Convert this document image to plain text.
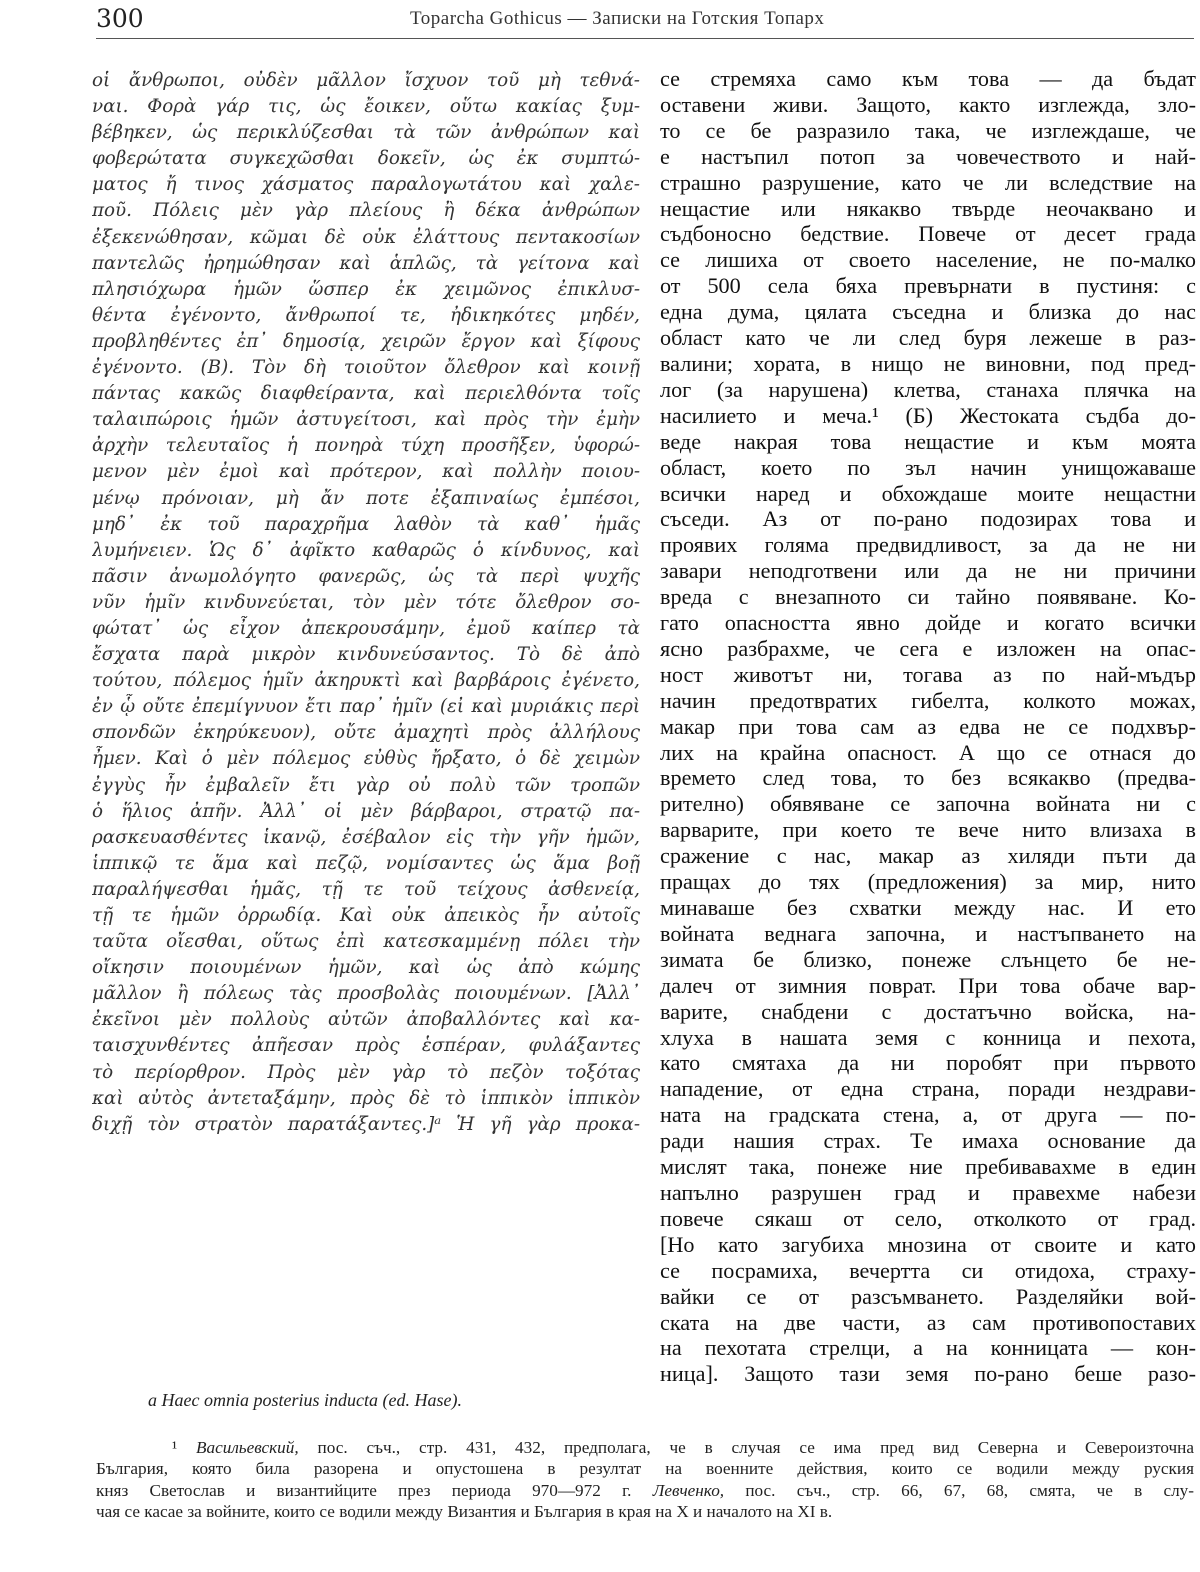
300	Toparcha Gothicus — Записки на Готския Топарх
οἱ ἄνθρωποι, οὐδὲν μᾶλλον ἴσχυον τοῦ μὴ τεθνά-
ναι. Φορὰ γάρ τις, ὡς ἔοικεν, οὕτω κακίας ξυμ-
βέβηκεν, ὡς περικλύζεσθαι τὰ τῶν ἀνθρώπων καὶ
φοβερώτατα συγκεχῶσθαι δοκεῖν, ὡς ἐκ συμπτώ-
ματος ἤ τινος χάσματος παραλογωτάτου καὶ χαλε-
ποῦ. Πόλεις μὲν γὰρ πλείους ἢ δέκα ἀνθρώπων
ἐξεκενώθησαν, κῶμαι δὲ οὐκ ἐλάττους πεντακοσίων
παντελῶς ἠρημώθησαν καὶ ἁπλῶς, τὰ γείτονα καὶ
πλησιόχωρα ἡμῶν ὥσπερ ἐκ χειμῶνος ἐπικλυσ-
θέντα ἐγένοντο, ἄνθρωποί τε, ἠδικηκότες μηδέν,
προβληθέντες ἐπ᾽ δημοσίᾳ, χειρῶν ἔργον καὶ ξίφους
ἐγένοντο. (B). Τὸν δὴ τοιοῦτον ὄλεθρον καὶ κοινῇ
πάντας κακῶς διαφθείραντα, καὶ περιελθόντα τοῖς
ταλαιπώροις ἡμῶν ἀστυγείτοσι, καὶ πρὸς τὴν ἐμὴν
ἀρχὴν τελευταῖος ἡ πονηρὰ τύχη προσῆξεν, ὑφορώ-
μενον μὲν ἐμοὶ καὶ πρότερον, καὶ πολλὴν ποιου-
μένῳ πρόνοιαν, μὴ ἄν ποτε ἐξαπιναίως ἐμπέσοι,
μηδ᾽ ἐκ τοῦ παραχρῆμα λαθὸν τὰ καθ᾽ ἡμᾶς
λυμήνειεν. Ὡς δ᾽ ἀφῖκτο καθαρῶς ὁ κίνδυνος, καὶ
πᾶσιν ἀνωμολόγητο φανερῶς, ὡς τὰ περὶ ψυχῆς
νῦν ἡμῖν κινδυνεύεται, τὸν μὲν τότε ὄλεθρον σο-
φώτατ᾽ ὡς εἶχον ἀπεκρουσάμην, ἐμοῦ καίπερ τὰ
ἔσχατα παρὰ μικρὸν κινδυνεύσαντος. Τὸ δὲ ἀπὸ
τούτου, πόλεμος ἡμῖν ἀκηρυκτὶ καὶ βαρβάροις ἐγένετο,
ἐν ᾧ οὔτε ἐπεμίγνυον ἔτι παρ᾽ ἡμῖν (εἰ καὶ μυριάκις περὶ
σπονδῶν ἐκηρύκευον), οὔτε ἀμαχητὶ πρὸς ἀλλήλους
ἦμεν. Καὶ ὁ μὲν πόλεμος εὐθὺς ἤρξατο, ὁ δὲ χειμὼν
ἐγγὺς ἦν ἐμβαλεῖν ἔτι γὰρ οὐ πολὺ τῶν τροπῶν
ὁ ἥλιος ἀπῆν. Ἀλλ᾽ οἱ μὲν βάρβαροι, στρατῷ πα-
ρασκευασθέντες ἱκανῷ, ἐσέβαλον εἰς τὴν γῆν ἡμῶν,
ἱππικῷ τε ἅμα καὶ πεζῷ, νομίσαντες ὡς ἅμα βοῇ
παραλήψεσθαι ἡμᾶς, τῇ τε τοῦ τείχους ἀσθενείᾳ,
τῇ τε ἡμῶν ὀρρωδίᾳ. Καὶ οὐκ ἀπεικὸς ἦν αὐτοῖς
ταῦτα οἴεσθαι, οὕτως ἐπὶ κατεσκαμμένῃ πόλει τὴν
οἴκησιν ποιουμένων ἡμῶν, καὶ ὡς ἀπὸ κώμης
μᾶλλον ἢ πόλεως τὰς προσβολὰς ποιουμένων. [Ἀλλ᾽
ἐκεῖνοι μὲν πολλοὺς αὐτῶν ἀποβαλλόντες καὶ κα-
ταισχυνθέντες ἀπῆεσαν πρὸς ἑσπέραν, φυλάξαντες
τὸ περίορθρον. Πρὸς μὲν γὰρ τὸ πεζὸν τοξότας
καὶ αὐτὸς ἀντεταξάμην, πρὸς δὲ τὸ ἱππικὸν ἱππικὸν
διχῇ τὸν στρατὸν παρατάξαντες.]ᵃ Ἡ γῆ γὰρ προκα-
се стремяха само към това — да бъдат
оставени живи. Защото, както изглежда, зло-
то се бе разразило така, че изглеждаше, че
е настъпил потоп за човечеството и най-
страшно разрушение, като че ли вследствие на
нещастие или някакво твърде неочаквано и
съдбоносно бедствие. Повече от десет града
се лишиха от своето население, не по-малко
от 500 села бяха превърнати в пустиня: с
една дума, цялата съседна и близка до нас
област като че ли след буря лежеше в раз-
валини; хората, в нищо не виновни, под пред-
лог (за нарушена) клетва, станаха плячка на
насилието и меча.¹ (Б) Жестоката съдба до-
веде накрая това нещастие и към моята
област, което по зъл начин унищожаваше
всички наред и обхождаше моите нещастни
съседи. Аз от по-рано подозирах това и
проявих голяма предвидливост, за да не ни
завари неподготвени или да не ни причини
вреда с внезапното си тайно появяване. Ко-
гато опасността явно дойде и когато всички
ясно разбрахме, че сега е изложен на опас-
ност животът ни, тогава аз по най-мъдър
начин предотвратих гибелта, колкото можах,
макар при това сам аз едва не се подхвър-
лих на крайна опасност. А що се отнася до
времето след това, то без всякакво (предва-
рително) обявяване се започна войната ни с
варварите, при което те вече нито влизаха в
сражение с нас, макар аз хиляди пъти да
пращах до тях (предложения) за мир, нито
минаваше без схватки между нас. И ето
войната веднага започна, и настъпването на
зимата бе близко, понеже слънцето бе не-
далеч от зимния поврат. При това обаче вар-
варите, снабдени с достатъчно войска, на-
хлуха в нашата земя с конница и пехота,
като смятаха да ни поробят при първото
нападение, от една страна, поради нездрави-
ната на градската стена, а, от друга — по-
ради нашия страх. Те имаха основание да
мислят така, понеже ние пребивавахме в един
напълно разрушен град и правехме набези
повече сякаш от село, отколкото от град.
[Но като загубиха мнозина от своите и като
се посрамиха, вечертта си отидоха, страху-
вайки се от разсъмването. Разделяйки вой-
ската на две части, аз сам противопоставих
на пехотата стрелци, а на конницата — кон-
ница]. Защото тази земя по-рано беше разо-
a Haec omnia posterius inducta (ed. Hase).
¹ Васильевский, пос. съч., стр. 431, 432, предполага, че в случая се има пред вид Северна и Североизточна
България, която била разорена и опустошена в резултат на военните действия, които се водили между руския
княз Светослав и византийците през периода 970—972 г. Левченко, пос. съч., стр. 66, 67, 68, смята, че в слу-
чая се касае за войните, които се водили между Византия и България в края на X и началото на XI в.
